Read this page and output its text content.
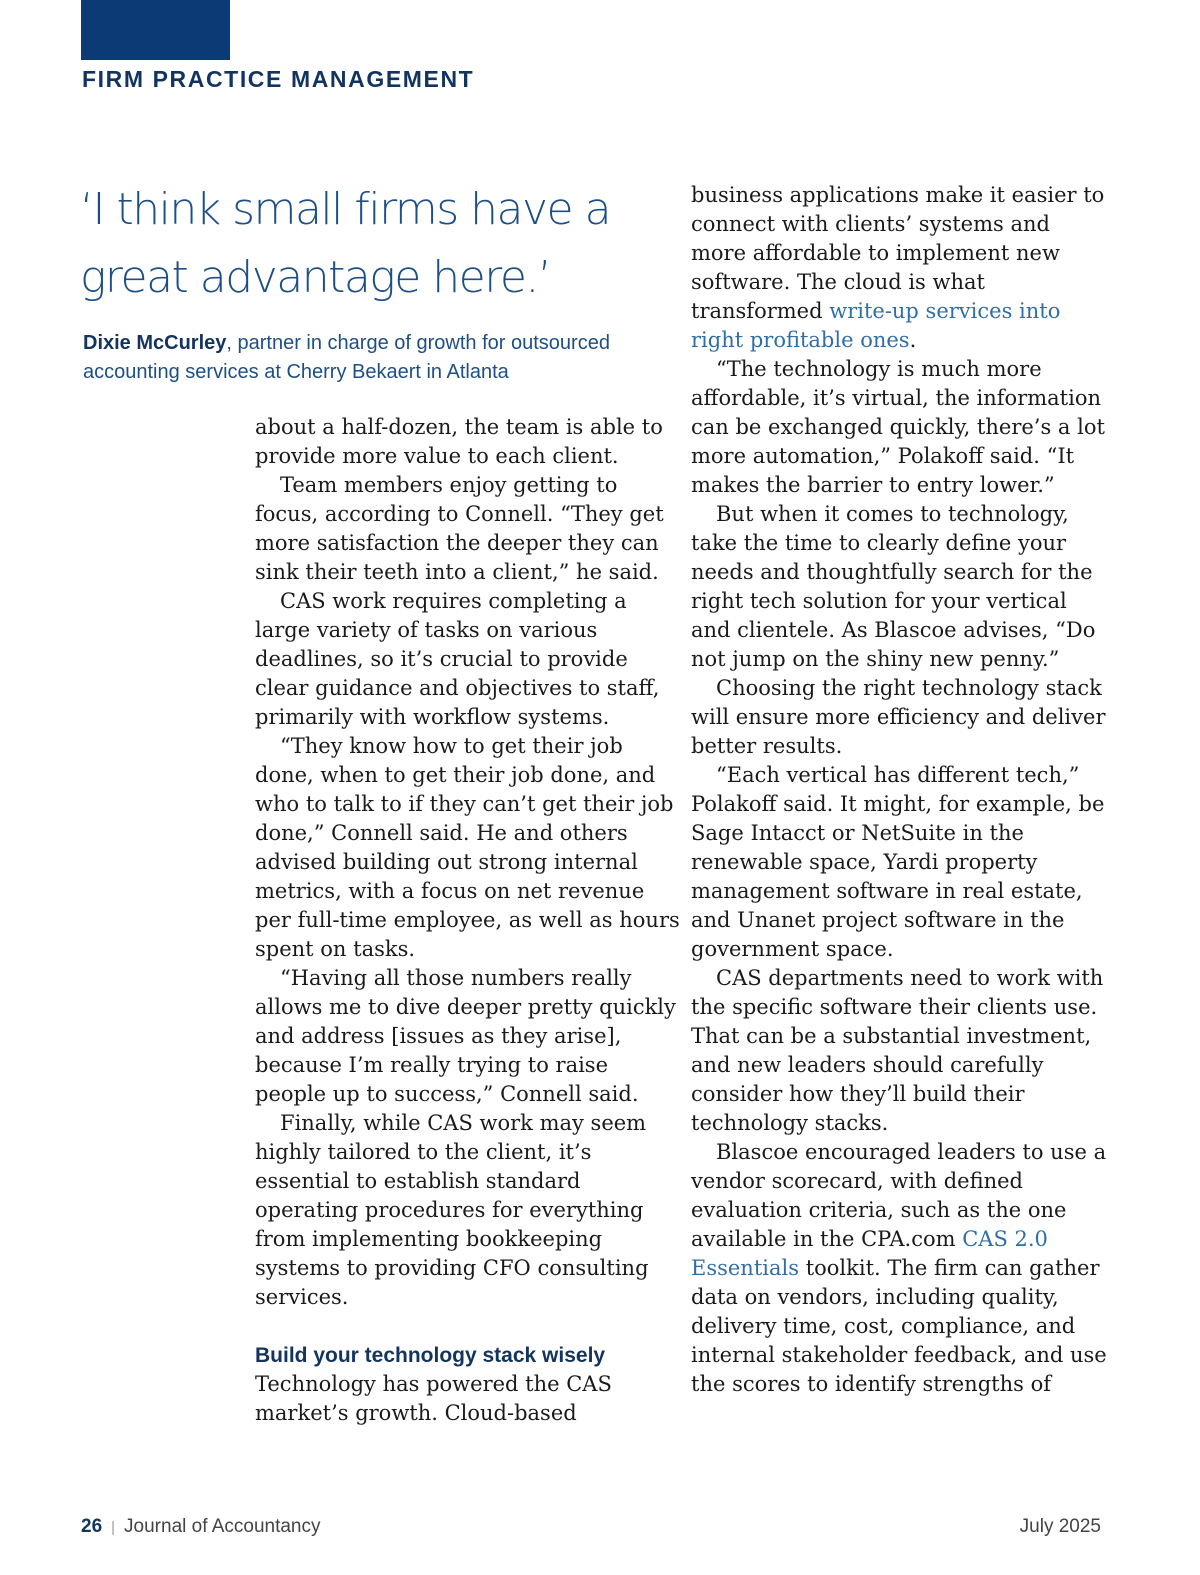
FIRM PRACTICE MANAGEMENT
‘I think small firms have a great advantage here.’
Dixie McCurley, partner in charge of growth for outsourced accounting services at Cherry Bekaert in Atlanta

about a half-dozen, the team is able to provide more value to each client.

Team members enjoy getting to focus, according to Connell. “They get more satisfaction the deeper they can sink their teeth into a client,” he said.

CAS work requires completing a large variety of tasks on various deadlines, so it’s crucial to provide clear guidance and objectives to staff, primarily with workflow systems.

“They know how to get their job done, when to get their job done, and who to talk to if they can’t get their job done,” Connell said. He and others advised building out strong internal metrics, with a focus on net revenue per full-time employee, as well as hours spent on tasks.

“Having all those numbers really allows me to dive deeper pretty quickly and address [issues as they arise], because I’m really trying to raise people up to success,” Connell said.

Finally, while CAS work may seem highly tailored to the client, it’s essential to establish standard operating procedures for everything from implementing bookkeeping systems to providing CFO consulting services.

Build your technology stack wisely

Technology has powered the CAS market’s growth. Cloud-based

business applications make it easier to connect with clients’ systems and more affordable to implement new software. The cloud is what transformed write-up services into right profitable ones.

“The technology is much more affordable, it’s virtual, the information can be exchanged quickly, there’s a lot more automation,” Polakoff said. “It makes the barrier to entry lower.”

But when it comes to technology, take the time to clearly define your needs and thoughtfully search for the right tech solution for your vertical and clientele. As Blascoe advises, “Do not jump on the shiny new penny.”

Choosing the right technology stack will ensure more efficiency and deliver better results.

“Each vertical has different tech,” Polakoff said. It might, for example, be Sage Intacct or NetSuite in the renewable space, Yardi property management software in real estate, and Unanet project software in the government space.

CAS departments need to work with the specific software their clients use. That can be a substantial investment, and new leaders should carefully consider how they’ll build their technology stacks.

Blascoe encouraged leaders to use a vendor scorecard, with defined evaluation criteria, such as the one available in the CPA.com CAS 2.0 Essentials toolkit. The firm can gather data on vendors, including quality, delivery time, cost, compliance, and internal stakeholder feedback, and use the scores to identify strengths of

26 | Journal of Accountancy	July 2025
